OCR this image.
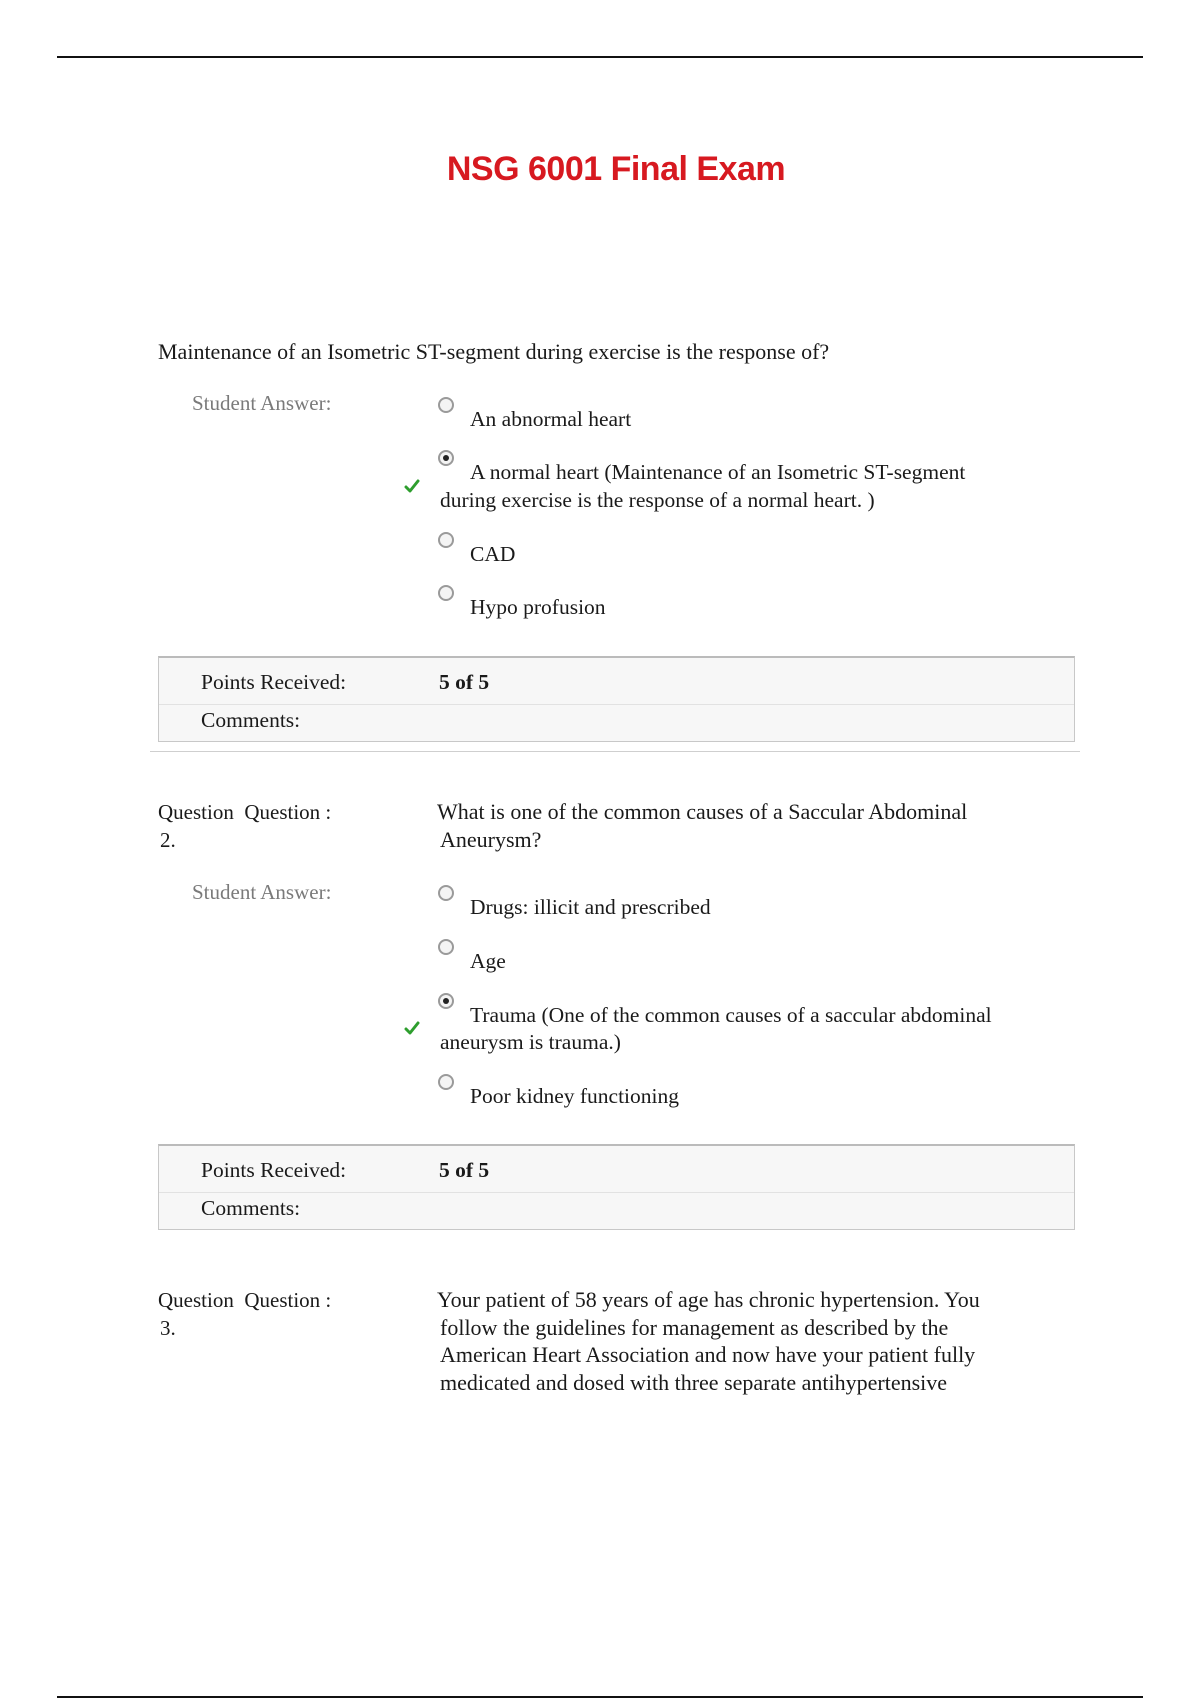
NSG 6001 Final Exam
Maintenance of an Isometric ST-segment during exercise is the response of?
Student Answer:
An abnormal heart
A normal heart (Maintenance of an Isometric ST-segment
during exercise is the response of a normal heart. )
CAD
Hypo profusion
Points Received:	5 of 5
Comments:
Question Question :
2.
What is one of the common causes of a Saccular Abdominal
Aneurysm?
Student Answer:
Drugs: illicit and prescribed
Age
Trauma (One of the common causes of a saccular abdominal
aneurysm is trauma.)
Poor kidney functioning
Points Received:	5 of 5
Comments:
Question Question :
3.
Your patient of 58 years of age has chronic hypertension. You
follow the guidelines for management as described by the
American Heart Association and now have your patient fully
medicated and dosed with three separate antihypertensive
